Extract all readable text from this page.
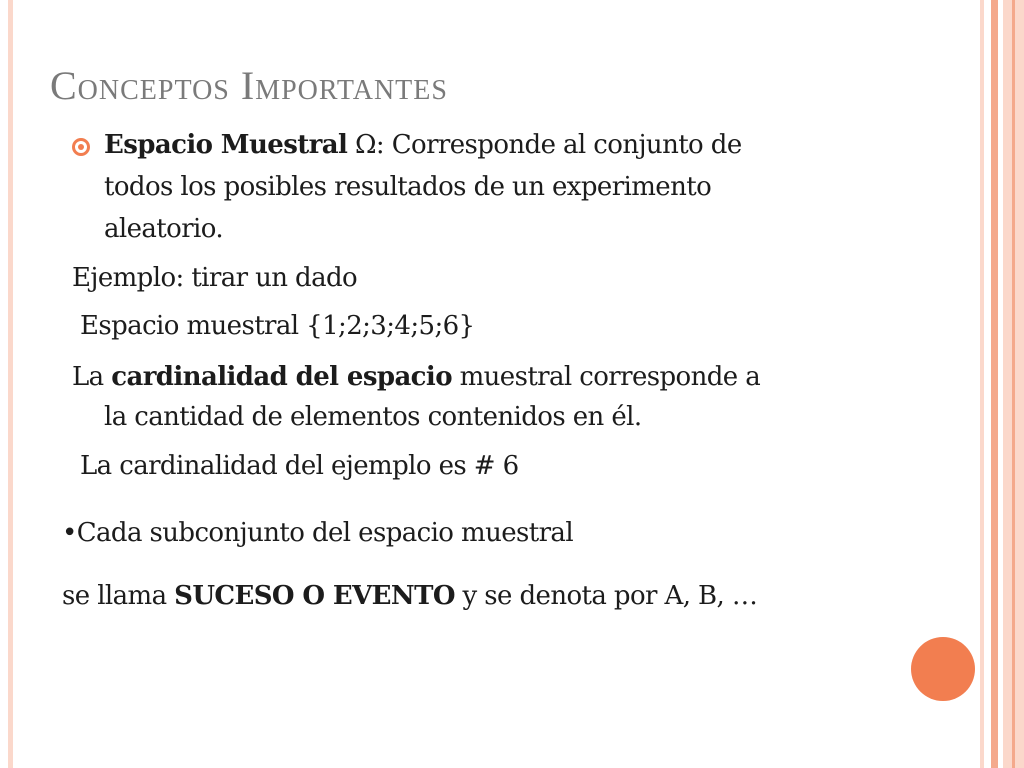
Conceptos Importantes

Espacio Muestral Ω: Corresponde al conjunto de

todos los posibles resultados de un experimento

aleatorio.

Ejemplo: tirar un dado

Espacio muestral {1;2;3;4;5;6}

La cardinalidad del espacio muestral corresponde a

la cantidad de elementos contenidos en él.

La cardinalidad del ejemplo es # 6

•Cada subconjunto del espacio muestral

se llama SUCESO O EVENTO y se denota por A, B, …
